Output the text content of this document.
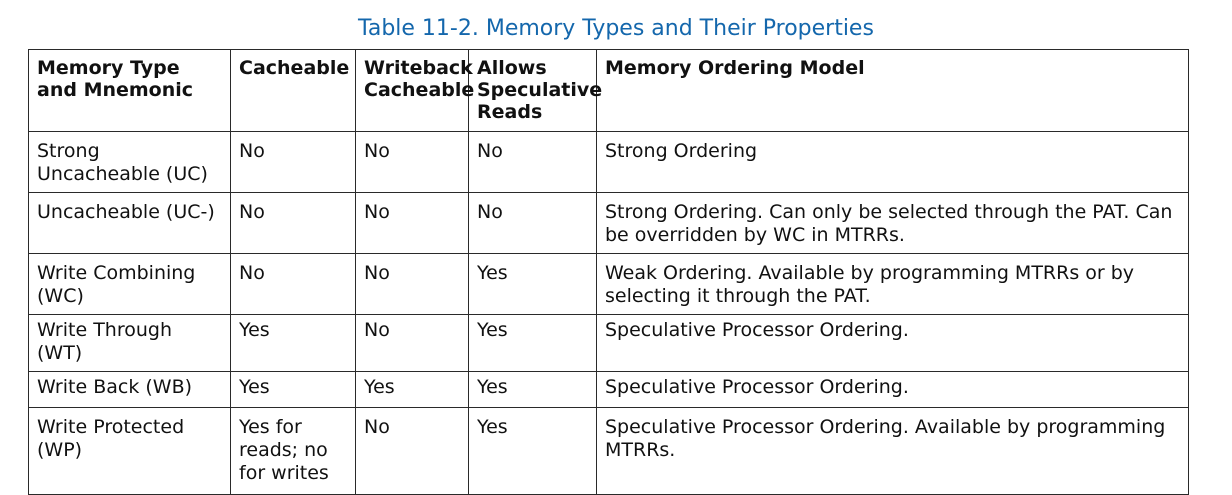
Table 11-2. Memory Types and Their Properties
Memory Type and Mnemonic	Cacheable	Writeback Cacheable	Allows Speculative Reads	Memory Ordering Model
Strong Uncacheable (UC)	No	No	No	Strong Ordering
Uncacheable (UC-)	No	No	No	Strong Ordering. Can only be selected through the PAT. Can be overridden by WC in MTRRs.
Write Combining (WC)	No	No	Yes	Weak Ordering. Available by programming MTRRs or by selecting it through the PAT.
Write Through (WT)	Yes	No	Yes	Speculative Processor Ordering.
Write Back (WB)	Yes	Yes	Yes	Speculative Processor Ordering.
Write Protected (WP)	Yes for reads; no for writes	No	Yes	Speculative Processor Ordering. Available by programming MTRRs.
